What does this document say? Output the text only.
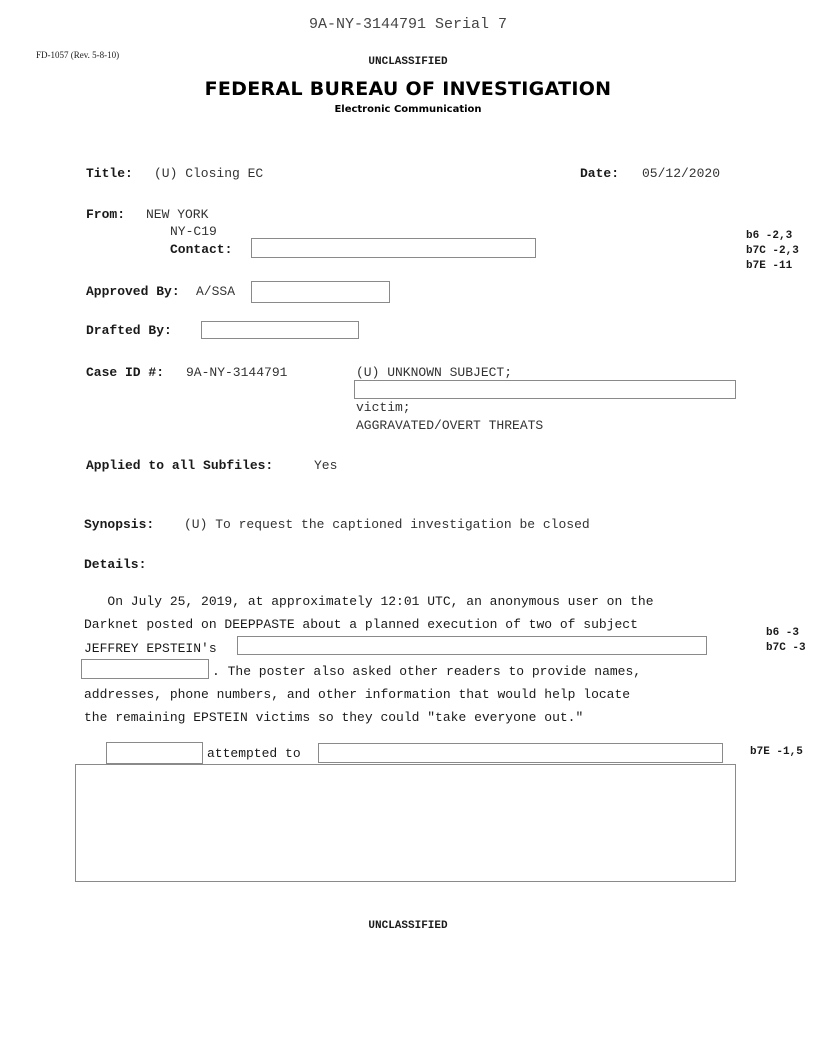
9A-NY-3144791 Serial 7
FD-1057 (Rev. 5-8-10)
UNCLASSIFIED
FEDERAL BUREAU OF INVESTIGATION
Electronic Communication
Title: (U) Closing EC	Date: 05/12/2020
From: NEW YORK
NY-C19
Contact:
b6 -2,3
b7C -2,3
b7E -11
Approved By: A/SSA
Drafted By:
Case ID #: 9A-NY-3144791	(U) UNKNOWN SUBJECT;
victim;
AGGRAVATED/OVERT THREATS
Applied to all Subfiles:	Yes
Synopsis: (U) To request the captioned investigation be closed
Details:
On July 25, 2019, at approximately 12:01 UTC, an anonymous user on the
Darknet posted on DEEPPASTE about a planned execution of two of subject
JEFFREY EPSTEIN's
. The poster also asked other readers to provide names,
addresses, phone numbers, and other information that would help locate
the remaining EPSTEIN victims so they could "take everyone out."
b6 -3
b7C -3
attempted to	b7E -1,5
UNCLASSIFIED
